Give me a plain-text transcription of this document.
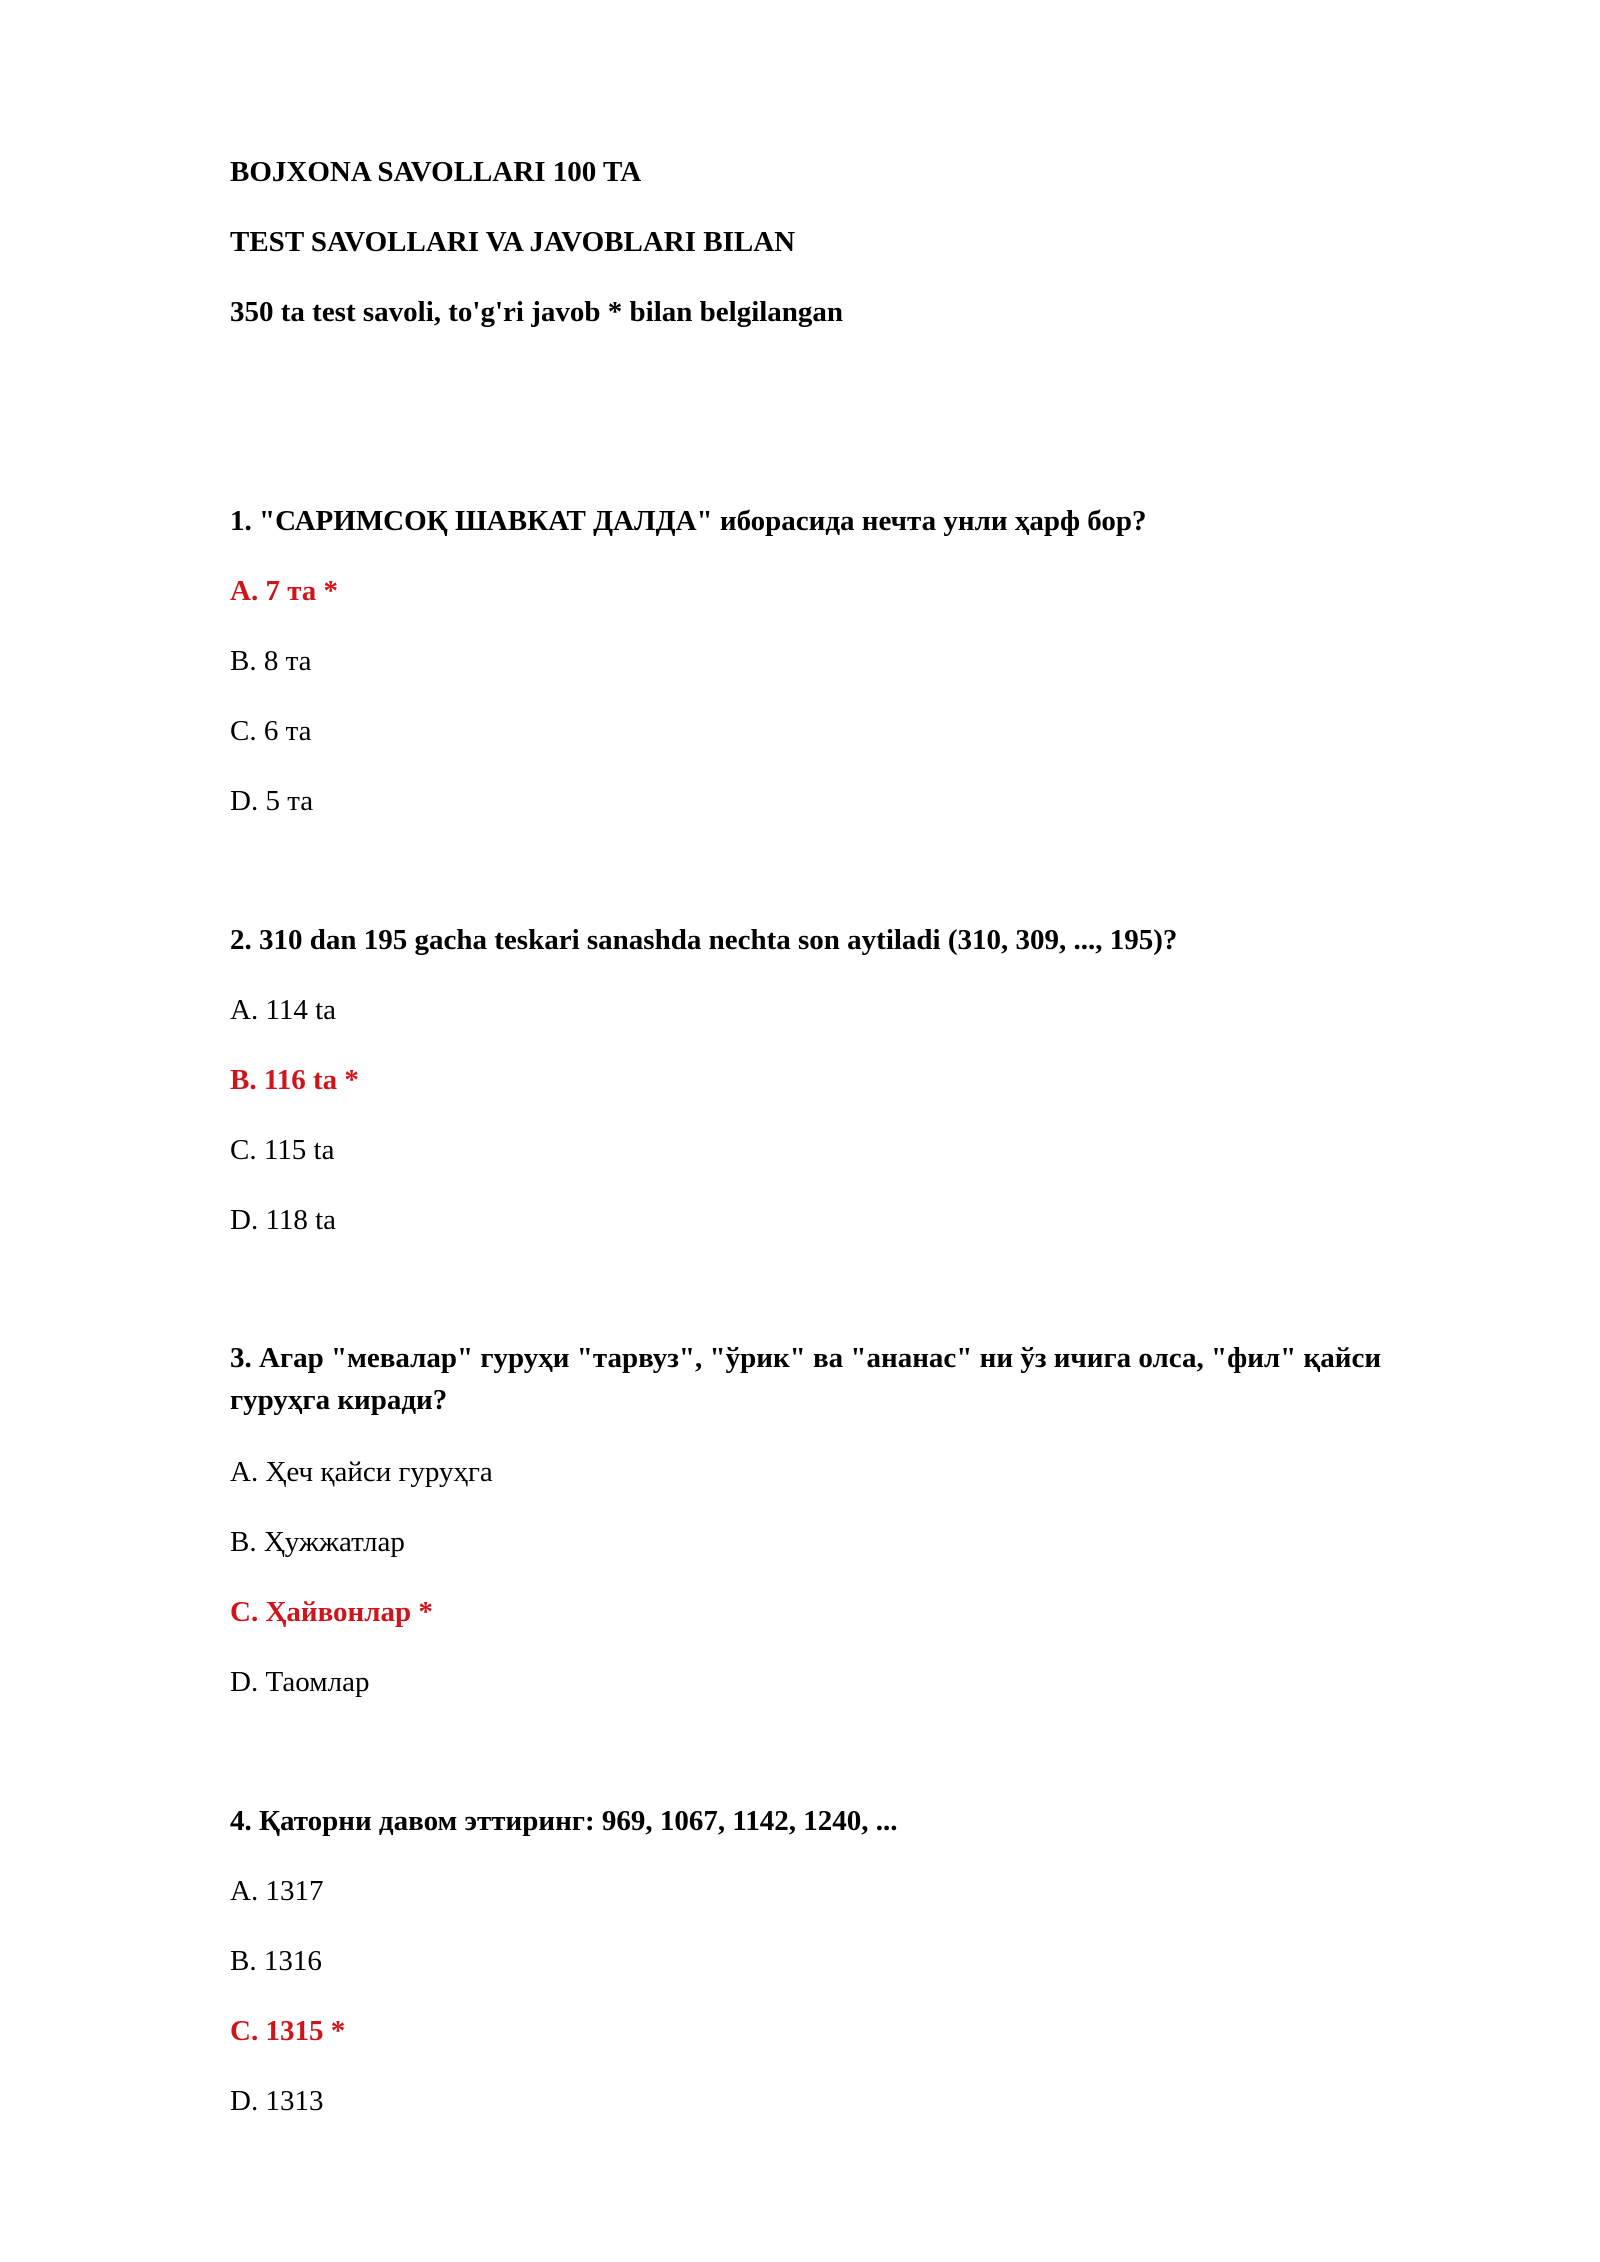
BOJXONA SAVOLLARI 100 TA
TEST SAVOLLARI VA JAVOBLARI BILAN
350 ta test savoli, to'g'ri javob * bilan belgilangan
1. "САРИМСОҚ ШАВКАТ ДАЛДА" иборасида нечта унли ҳарф бор?
A. 7 та *
B. 8 та
C. 6 та
D. 5 та
2. 310 dan 195 gacha teskari sanashda nechta son aytiladi (310, 309, ..., 195)?
A. 114 ta
B. 116 ta *
C. 115 ta
D. 118 ta
3. Агар "мевалар" гуруҳи "тарвуз", "ўрик" ва "ананас" ни ўз ичига олса, "фил" қайси гуруҳга киради?
A. Ҳеч қайси гуруҳга
B. Ҳужжатлар
C. Ҳайвонлар *
D. Таомлар
4. Қаторни давом эттиринг: 969, 1067, 1142, 1240, ...
A. 1317
B. 1316
C. 1315 *
D. 1313
